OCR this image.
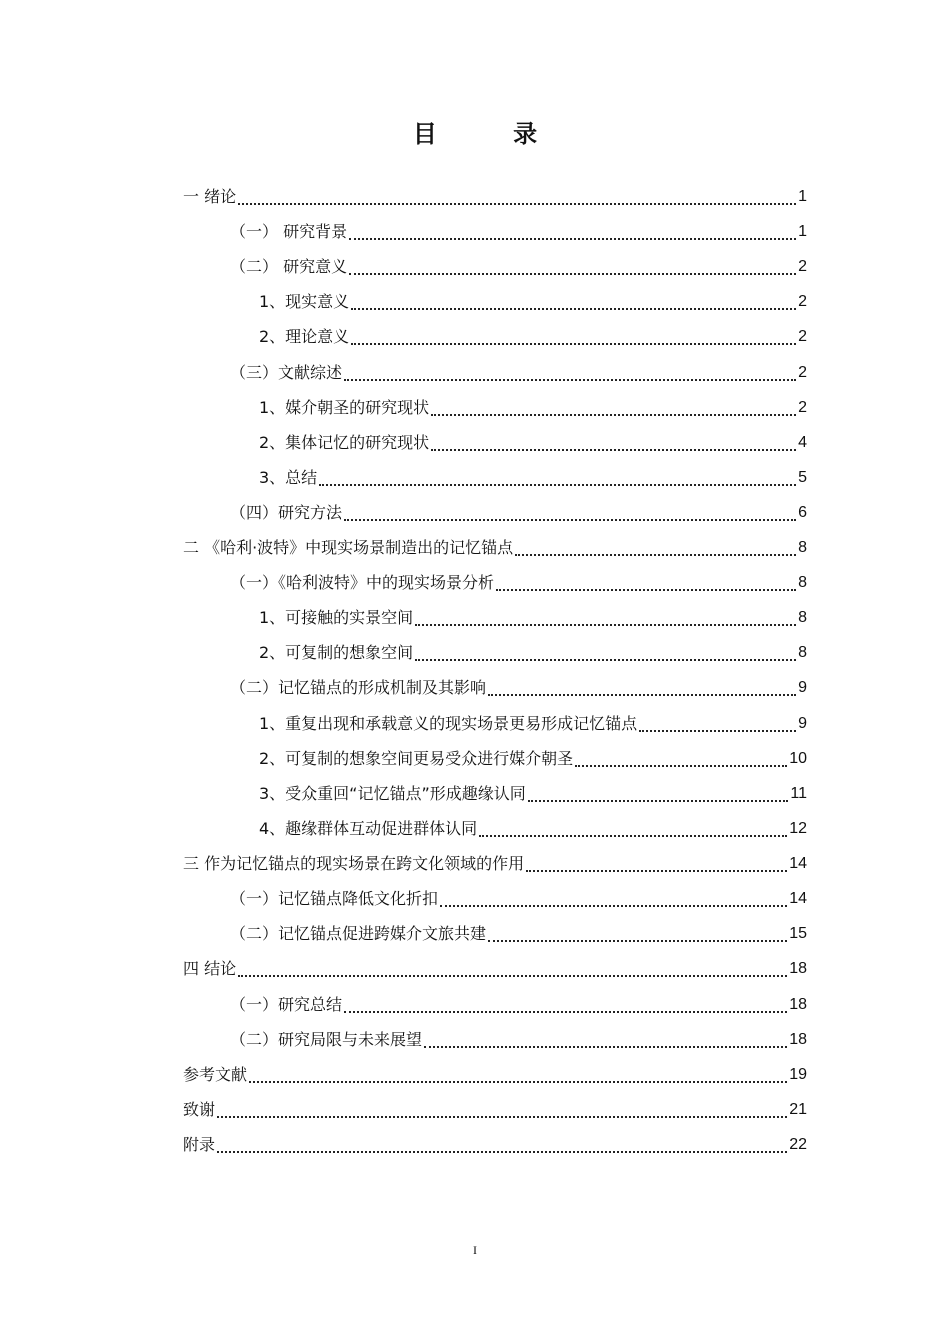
目 录
一 绪论	1
（一） 研究背景	1
（二） 研究意义	2
1、现实意义	2
2、理论意义	2
（三）文献综述	2
1、媒介朝圣的研究现状	2
2、集体记忆的研究现状	4
3、总结	5
（四）研究方法	6
二 《哈利·波特》中现实场景制造出的记忆锚点	8
（一）《哈利波特》中的现实场景分析	8
1、可接触的实景空间	8
2、可复制的想象空间	8
（二）记忆锚点的形成机制及其影响	9
1、重复出现和承载意义的现实场景更易形成记忆锚点	9
2、可复制的想象空间更易受众进行媒介朝圣	10
3、受众重回“记忆锚点”形成趣缘认同	11
4、趣缘群体互动促进群体认同	12
三 作为记忆锚点的现实场景在跨文化领域的作用	14
（一）记忆锚点降低文化折扣	14
（二）记忆锚点促进跨媒介文旅共建	15
四 结论	18
（一）研究总结	18
（二）研究局限与未来展望	18
参考文献	19
致谢	21
附录	22
I
